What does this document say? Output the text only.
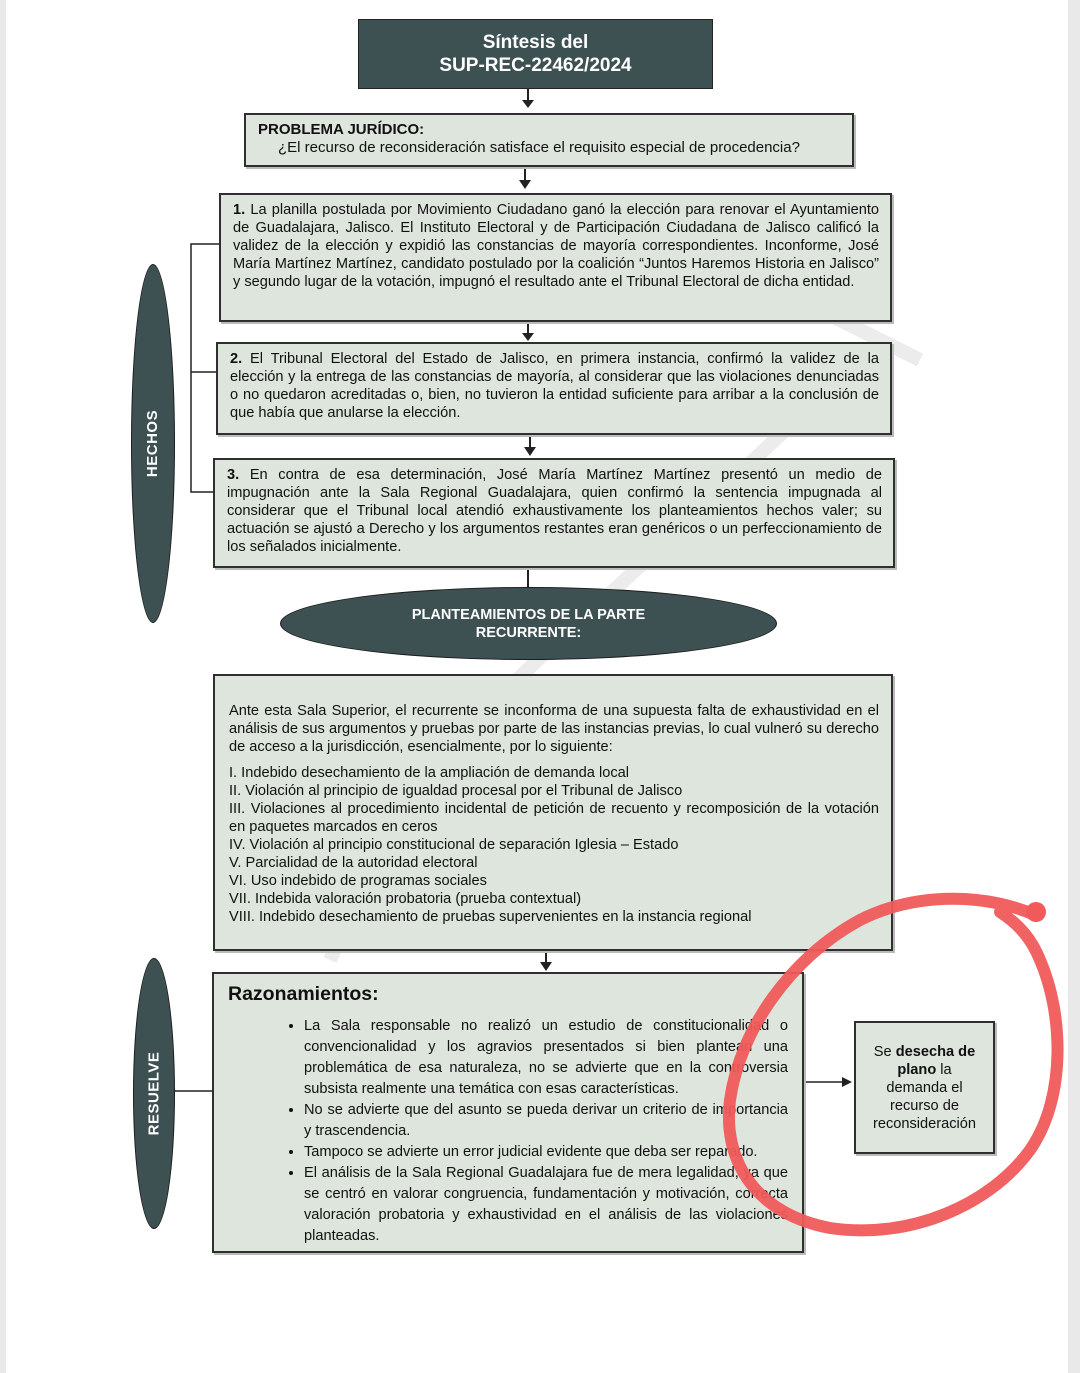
Síntesis del
SUP-REC-22462/2024
PROBLEMA JURÍDICO:
¿El recurso de reconsideración satisface el requisito especial de procedencia?
HECHOS
1. La planilla postulada por Movimiento Ciudadano ganó la elección para renovar el Ayuntamiento de Guadalajara, Jalisco. El Instituto Electoral y de Participación Ciudadana de Jalisco calificó la validez de la elección y expidió las constancias de mayoría correspondientes. Inconforme, José María Martínez Martínez, candidato postulado por la coalición “Juntos Haremos Historia en Jalisco” y segundo lugar de la votación, impugnó el resultado ante el Tribunal Electoral de dicha entidad.
2. El Tribunal Electoral del Estado de Jalisco, en primera instancia, confirmó la validez de la elección y la entrega de las constancias de mayoría, al considerar que las violaciones denunciadas o no quedaron acreditadas o, bien, no tuvieron la entidad suficiente para arribar a la conclusión de que había que anularse la elección.
3. En contra de esa determinación, José María Martínez Martínez presentó un medio de impugnación ante la Sala Regional Guadalajara, quien confirmó la sentencia impugnada al considerar que el Tribunal local atendió exhaustivamente los planteamientos hechos valer; su actuación se ajustó a Derecho y los argumentos restantes eran genéricos o un perfeccionamiento de los señalados inicialmente.
PLANTEAMIENTOS DE LA PARTE
RECURRENTE:
Ante esta Sala Superior, el recurrente se inconforma de una supuesta falta de exhaustividad en el análisis de sus argumentos y pruebas por parte de las instancias previas, lo cual vulneró su derecho de acceso a la jurisdicción, esencialmente, por lo siguiente:
I. Indebido desechamiento de la ampliación de demanda local
II. Violación al principio de igualdad procesal por el Tribunal de Jalisco
III. Violaciones al procedimiento incidental de petición de recuento y recomposición de la votación en paquetes marcados en ceros
IV. Violación al principio constitucional de separación Iglesia – Estado
V. Parcialidad de la autoridad electoral
VI. Uso indebido de programas sociales
VII. Indebida valoración probatoria (prueba contextual)
VIII. Indebido desechamiento de pruebas supervenientes en la instancia regional
RESUELVE
Razonamientos:
• La Sala responsable no realizó un estudio de constitucionalidad o convencionalidad y los agravios presentados si bien plantean una problemática de esa naturaleza, no se advierte que en la controversia subsista realmente una temática con esas características.
• No se advierte que del asunto se pueda derivar un criterio de importancia y trascendencia.
• Tampoco se advierte un error judicial evidente que deba ser reparado.
• El análisis de la Sala Regional Guadalajara fue de mera legalidad, ya que se centró en valorar congruencia, fundamentación y motivación, correcta valoración probatoria y exhaustividad en el análisis de las violaciones planteadas.
Se desecha de plano la demanda el recurso de reconsideración
